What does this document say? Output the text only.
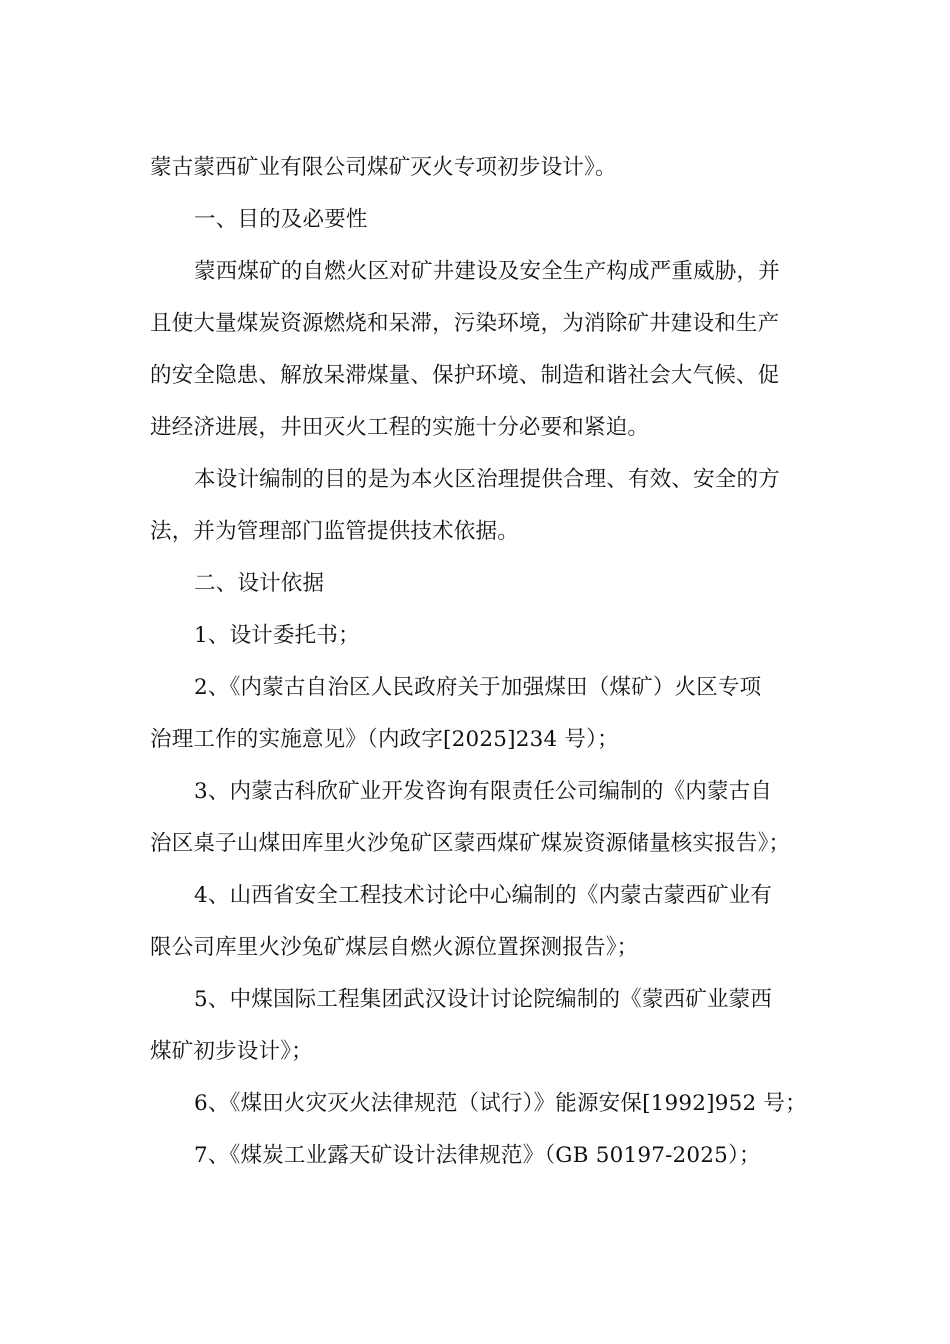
蒙古蒙西矿业有限公司煤矿灭火专项初步设计》。
一、目的及必要性
蒙西煤矿的自燃火区对矿井建设及安全生产构成严重威胁，并
且使大量煤炭资源燃烧和呆滞，污染环境，为消除矿井建设和生产
的安全隐患、解放呆滞煤量、保护环境、制造和谐社会大气候、促
进经济进展，井田灭火工程的实施十分必要和紧迫。
本设计编制的目的是为本火区治理提供合理、有效、安全的方
法，并为管理部门监管提供技术依据。
二、设计依据
1、设计委托书；
2、《内蒙古自治区人民政府关于加强煤田（煤矿）火区专项
治理工作的实施意见》（内政字[2025]234 号）；
3、内蒙古科欣矿业开发咨询有限责任公司编制的《内蒙古自
治区桌子山煤田库里火沙兔矿区蒙西煤矿煤炭资源储量核实报告》；
4、山西省安全工程技术讨论中心编制的《内蒙古蒙西矿业有
限公司库里火沙兔矿煤层自燃火源位置探测报告》；
5、中煤国际工程集团武汉设计讨论院编制的《蒙西矿业蒙西
煤矿初步设计》；
6、《煤田火灾灭火法律规范（试行）》能源安保[1992]952 号；
7、《煤炭工业露天矿设计法律规范》（GB 50197-2025）；
